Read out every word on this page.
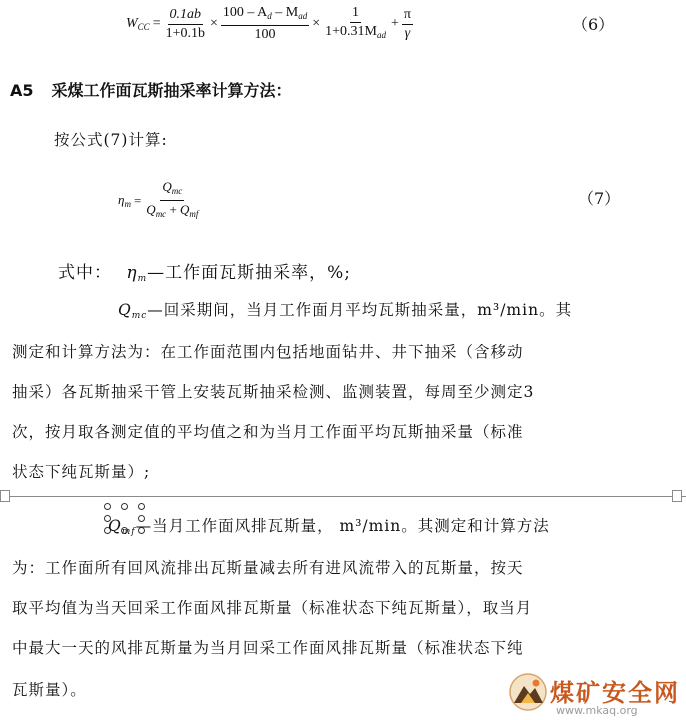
$W_{CC} = \frac{0.1ab}{1+0.1b} \times \frac{100 - A_d - M_{ad}}{100} \times \frac{1}{1+0.31M_{ad}} + \frac{\pi}{\gamma}$	（6）
A5 采煤工作面瓦斯抽采率计算方法：
按公式(7)计算:
$\eta_m = \frac{Q_{mc}}{Q_{mc} + Q_{mf}}$	（7）
式中： $\eta_m—$工作面瓦斯抽采率，%;
$Q_{mc}—$回采期间，当月工作面月平均瓦斯抽采量，m³/min。其
测定和计算方法为：在工作面范围内包括地面钻井、井下抽采（含移动
抽采）各瓦斯抽采干管上安装瓦斯抽采检测、监测装置，每周至少测定3
次，按月取各测定值的平均值之和为当月工作面平均瓦斯抽采量（标准
状态下纯瓦斯量）;
$Q_{mf}—$当月工作面风排瓦斯量， m³/min。其测定和计算方法
为：工作面所有回风流排出瓦斯量减去所有进风流带入的瓦斯量，按天
取平均值为当天回采工作面风排瓦斯量（标准状态下纯瓦斯量），取当月
中最大一天的风排瓦斯量为当月回采工作面风排瓦斯量（标准状态下纯
瓦斯量）。	煤矿安全网
www.mkaq.org
